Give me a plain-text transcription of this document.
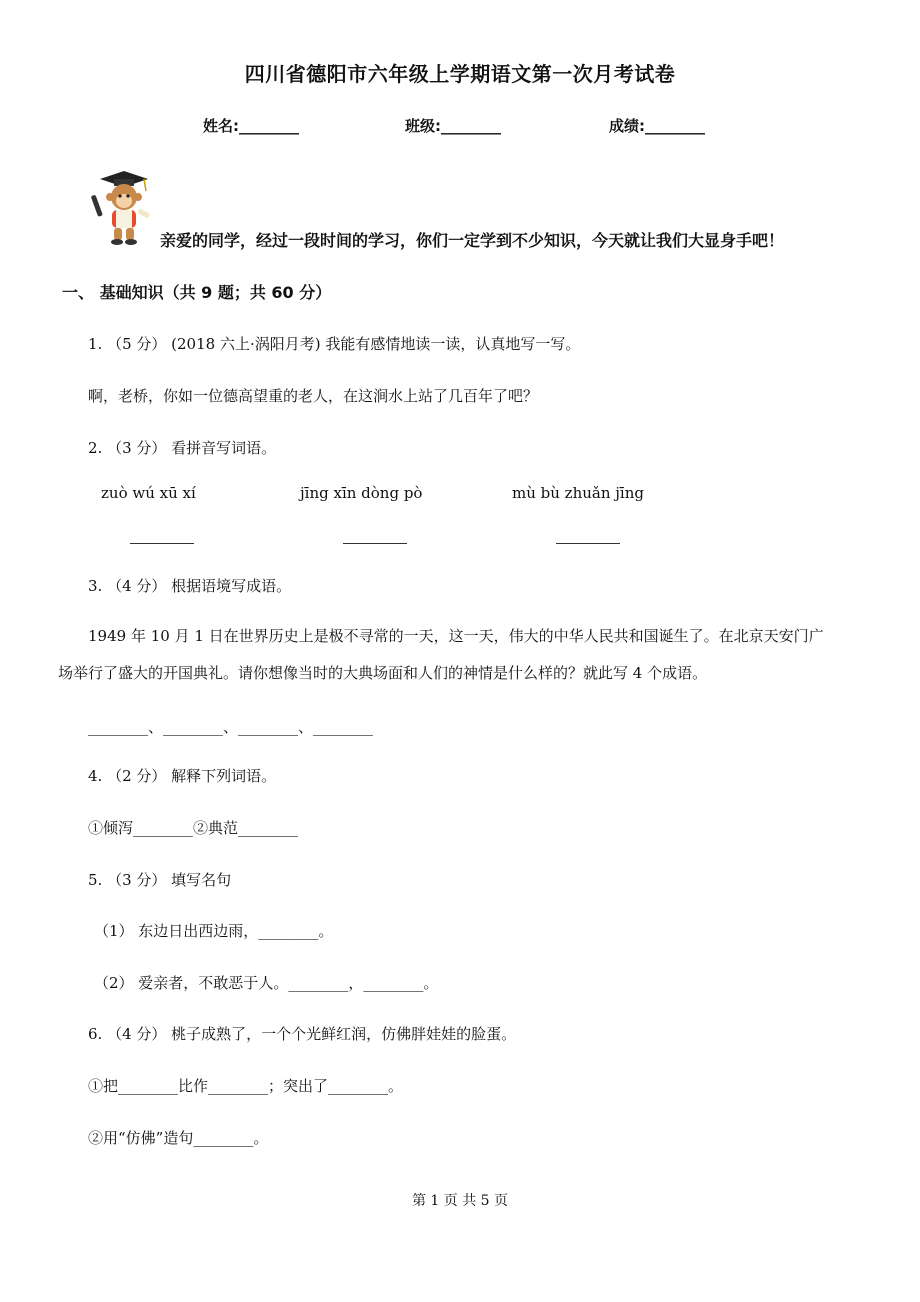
四川省德阳市六年级上学期语文第一次月考试卷
姓名:________	班级:________	成绩:________
亲爱的同学，经过一段时间的学习，你们一定学到不少知识，今天就让我们大显身手吧！
一、 基础知识（共 9 题；共 60 分）
1. （5 分） (2018 六上·涡阳月考) 我能有感情地读一读，认真地写一写。
啊，老桥，你如一位德高望重的老人，在这涧水上站了几百年了吧？
2. （3 分） 看拼音写词语。
zuò wú xū xí	jīng xīn dòng pò	mù bù zhuǎn jīng
3. （4 分） 根据语境写成语。
1949 年 10 月 1 日在世界历史上是极不寻常的一天，这一天，伟大的中华人民共和国诞生了。在北京天安门广
场举行了盛大的开国典礼。请你想像当时的大典场面和人们的神情是什么样的？就此写 4 个成语。
________、________、________、________
4. （2 分） 解释下列词语。
①倾泻________②典范________
5. （3 分） 填写名句
（1） 东边日出西边雨，________。
（2） 爱亲者，不敢恶于人。________，________。
6. （4 分） 桃子成熟了，一个个光鲜红润，仿佛胖娃娃的脸蛋。
①把________比作________；突出了________。
②用“仿佛”造句________。
第 1 页 共 5 页
